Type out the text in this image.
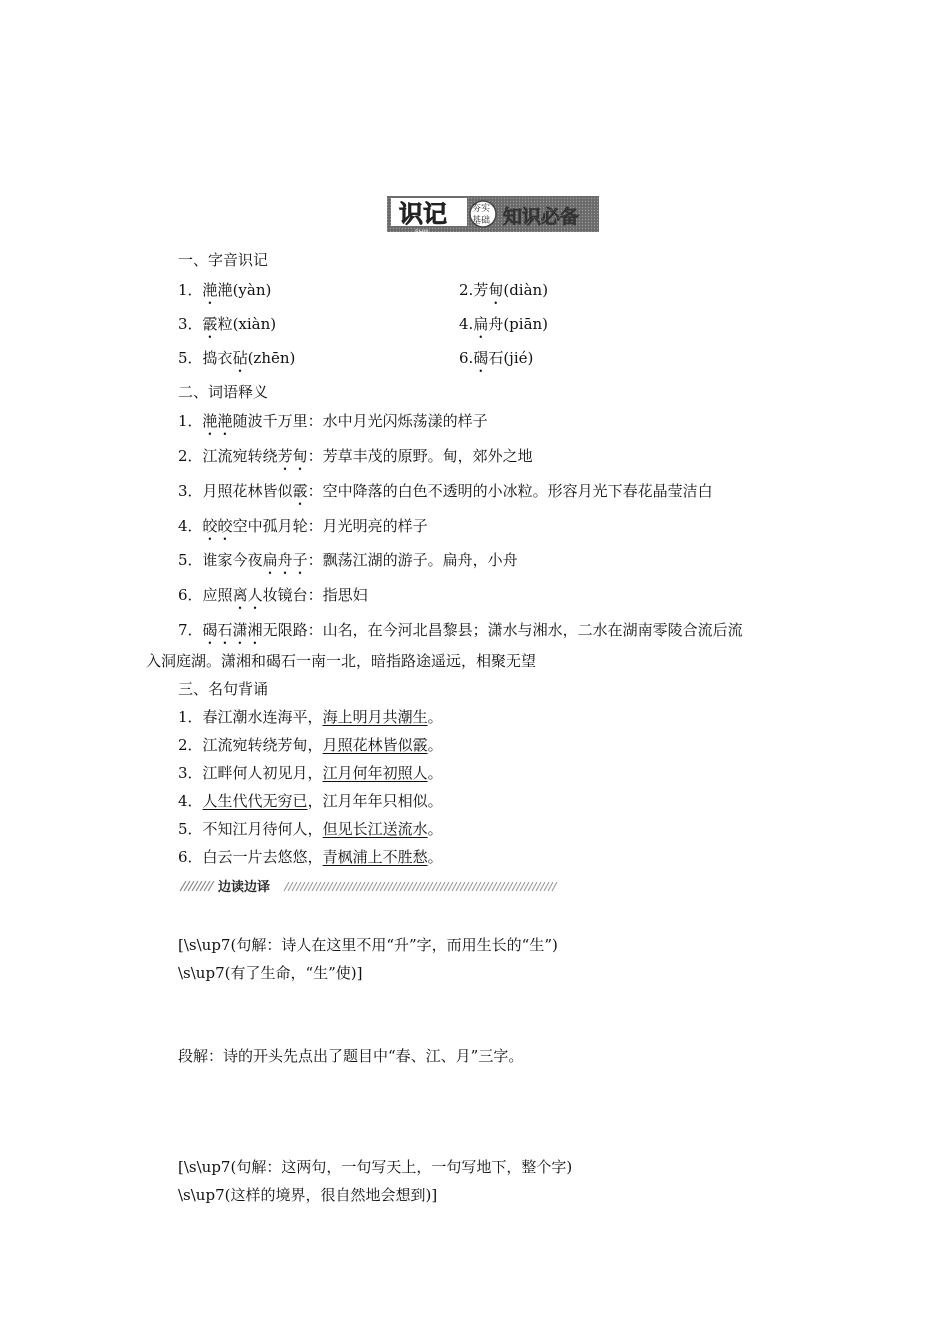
识记
SHIJI
夯实
基础 知识必备
一、字音识记
1．滟滟(yàn)	2.芳甸(diàn)
3．霰粒(xiàn)	4.扁舟(piān)
5．捣衣砧(zhēn)	6.碣石(jié)
二、词语释义
1．滟滟随波千万里：水中月光闪烁荡漾的样子
2．江流宛转绕芳甸：芳草丰茂的原野。甸，郊外之地
3．月照花林皆似霰：空中降落的白色不透明的小冰粒。形容月光下春花晶莹洁白
4．皎皎空中孤月轮：月光明亮的样子
5．谁家今夜扁舟子：飘荡江湖的游子。扁舟，小舟
6．应照离人妆镜台：指思妇
7．碣石潇湘无限路：山名，在今河北昌黎县；潇水与湘水，二水在湖南零陵合流后流
入洞庭湖。潇湘和碣石一南一北，暗指路途遥远，相聚无望
三、名句背诵
1．春江潮水连海平，海上明月共潮生。
2．江流宛转绕芳甸，月照花林皆似霰。
3．江畔何人初见月，江月何年初照人。
4．人生代代无穷已，江月年年只相似。
5．不知江月待何人，但见长江送流水。
6．白云一片去悠悠，青枫浦上不胜愁。
边读边译
[\s\up7(句解：诗人在这里不用“升”字，而用生长的“生”)
\s\up7(有了生命，“生”使)]
段解：诗的开头先点出了题目中“春、江、月”三字。
[\s\up7(句解：这两句，一句写天上，一句写地下，整个字)
\s\up7(这样的境界，很自然地会想到)]
